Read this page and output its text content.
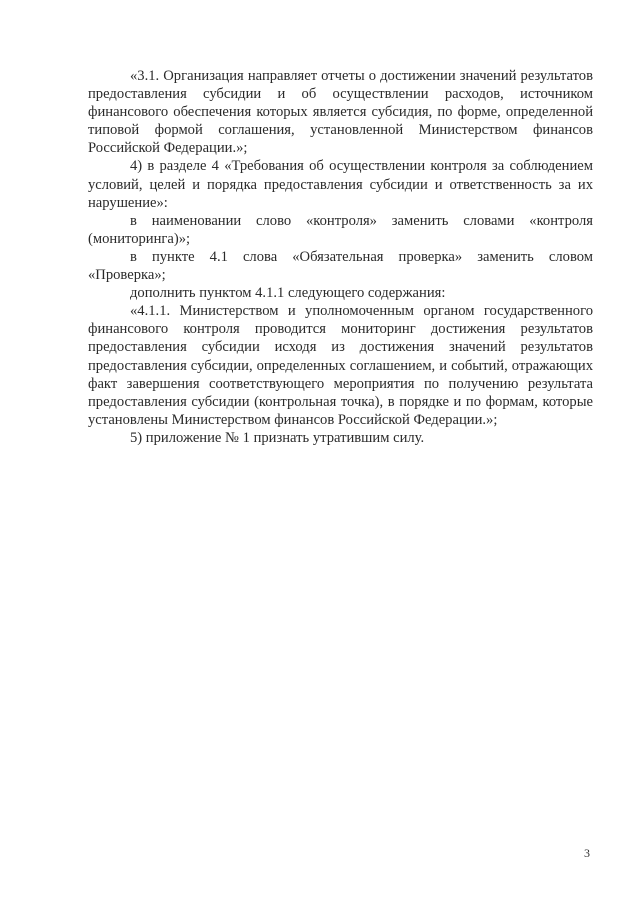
«3.1. Организация направляет отчеты о достижении значений результатов предоставления субсидии и об осуществлении расходов, источником финансового обеспечения которых является субсидия, по форме, определенной типовой формой соглашения, установленной Министерством финансов Российской Федерации.»;

4) в разделе 4 «Требования об осуществлении контроля за соблюдением условий, целей и порядка предоставления субсидии и ответственность за их нарушение»:

в наименовании слово «контроля» заменить словами «контроля (мониторинга)»;

в пункте 4.1 слова «Обязательная проверка» заменить словом «Проверка»;

дополнить пунктом 4.1.1 следующего содержания:

«4.1.1. Министерством и уполномоченным органом государственного финансового контроля проводится мониторинг достижения результатов предоставления субсидии исходя из достижения значений результатов предоставления субсидии, определенных соглашением, и событий, отражающих факт завершения соответствующего мероприятия по получению результата предоставления субсидии (контрольная точка), в порядке и по формам, которые установлены Министерством финансов Российской Федерации.»;

5) приложение № 1 признать утратившим силу.

3
